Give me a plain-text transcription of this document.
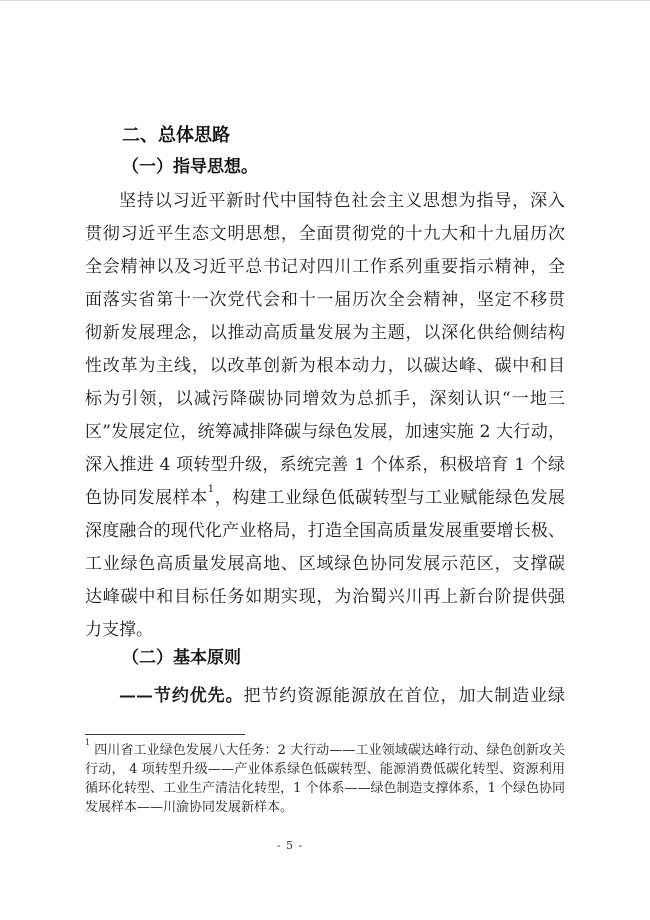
二、总体思路
（一）指导思想。
坚持以习近平新时代中国特色社会主义思想为指导，深入
贯彻习近平生态文明思想，全面贯彻党的十九大和十九届历次
全会精神以及习近平总书记对四川工作系列重要指示精神，全
面落实省第十一次党代会和十一届历次全会精神，坚定不移贯
彻新发展理念，以推动高质量发展为主题，以深化供给侧结构
性改革为主线，以改革创新为根本动力，以碳达峰、碳中和目
标为引领，以减污降碳协同增效为总抓手，深刻认识“一地三
区”发展定位，统筹减排降碳与绿色发展，加速实施 2 大行动，
深入推进 4 项转型升级，系统完善 1 个体系，积极培育 1 个绿
色协同发展样本$^1$，构建工业绿色低碳转型与工业赋能绿色发展
深度融合的现代化产业格局，打造全国高质量发展重要增长极、
工业绿色高质量发展高地、区域绿色协同发展示范区，支撑碳
达峰碳中和目标任务如期实现，为治蜀兴川再上新台阶提供强
力支撑。
（二）基本原则
——节约优先。把节约资源能源放在首位，加大制造业绿
$^1$四川省工业绿色发展八大任务：2 大行动——工业领域碳达峰行动、绿色创新攻关
行动， 4 项转型升级——产业体系绿色低碳转型、能源消费低碳化转型、资源利用
循环化转型、工业生产清洁化转型，1 个体系——绿色制造支撑体系，1 个绿色协同
发展样本——川渝协同发展新样本。
- 5 -
